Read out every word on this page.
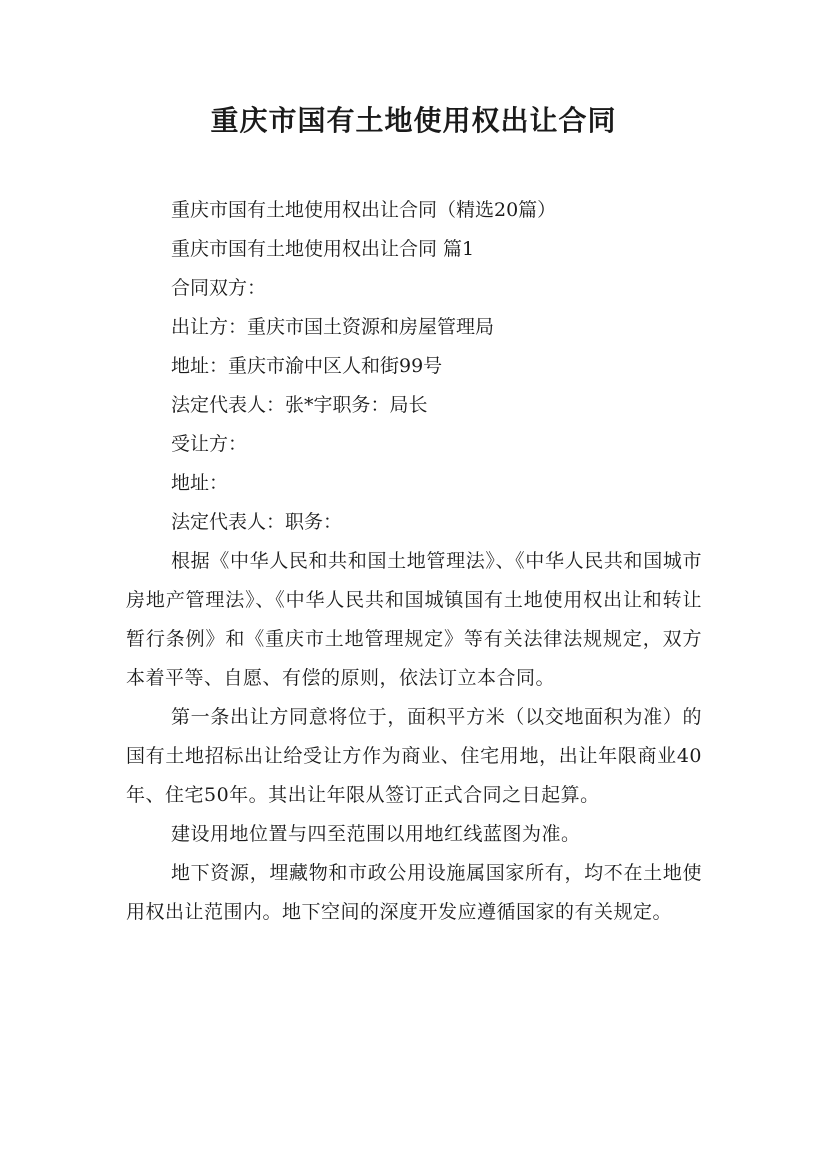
重庆市国有土地使用权出让合同
重庆市国有土地使用权出让合同（精选20篇）
重庆市国有土地使用权出让合同 篇1
合同双方：
出让方：重庆市国土资源和房屋管理局
地址：重庆市渝中区人和街99号
法定代表人：张*宇职务：局长
受让方：
地址：
法定代表人：职务：

根据《中华人民和共和国土地管理法》、《中华人民共和国城市房地产管理法》、《中华人民共和国城镇国有土地使用权出让和转让暂行条例》和《重庆市土地管理规定》等有关法律法规规定，双方本着平等、自愿、有偿的原则，依法订立本合同。

第一条出让方同意将位于，面积平方米（以交地面积为准）的国有土地招标出让给受让方作为商业、住宅用地，出让年限商业40年、住宅50年。其出让年限从签订正式合同之日起算。

建设用地位置与四至范围以用地红线蓝图为准。

地下资源，埋藏物和市政公用设施属国家所有，均不在土地使用权出让范围内。地下空间的深度开发应遵循国家的有关规定。
